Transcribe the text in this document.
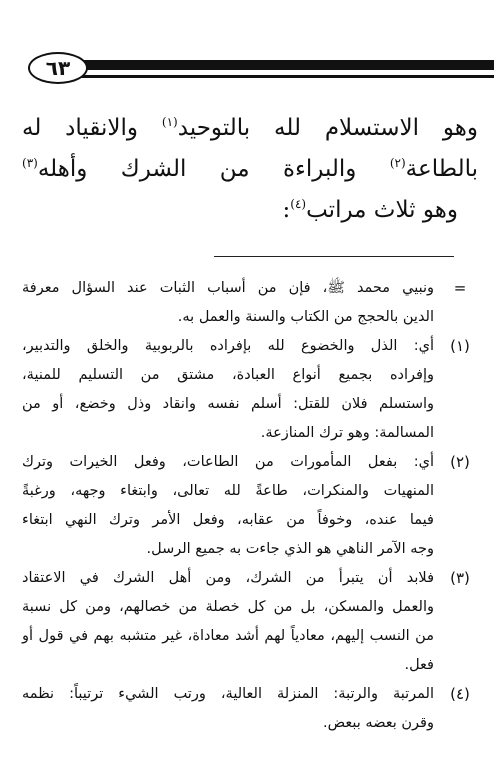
٦٣
وهو الاستسلام لله بالتوحيد$^{(١)}$ والانقياد له
بالطاعة$^{(٢)}$ والبراءة من الشرك وأهله$^{(٣)}$
وهو ثلاث مراتب$^{(٤)}$:
=
ونبيي محمد ﷺ، فإن من أسباب الثبات عند السؤال معرفة
الدين بالحجج من الكتاب والسنة والعمل به.
(١)
أي: الذل والخضوع لله بإفراده بالربوبية والخلق والتدبير،
وإفراده بجميع أنواع العبادة، مشتق من التسليم للمنية،
واستسلم فلان للقتل: أسلم نفسه وانقاد وذل وخضع، أو من
المسالمة: وهو ترك المنازعة.
(٢)
أي: بفعل المأمورات من الطاعات، وفعل الخيرات وترك
المنهيات والمنكرات، طاعةً لله تعالى، وابتغاء وجهه، ورغبةً
فيما عنده، وخوفاً من عقابه، وفعل الأمر وترك النهي ابتغاء
وجه الآمر الناهي هو الذي جاءت به جميع الرسل.
(٣)
فلابد أن يتبرأ من الشرك، ومن أهل الشرك في الاعتقاد
والعمل والمسكن، بل من كل خصلة من خصالهم، ومن كل نسبة
من النسب إليهم، معادياً لهم أشد معاداة، غير متشبه بهم في قول أو
فعل.
(٤)
المرتبة والرتبة: المنزلة العالية، ورتب الشيء ترتيباً: نظمه
وقرن بعضه ببعض.
